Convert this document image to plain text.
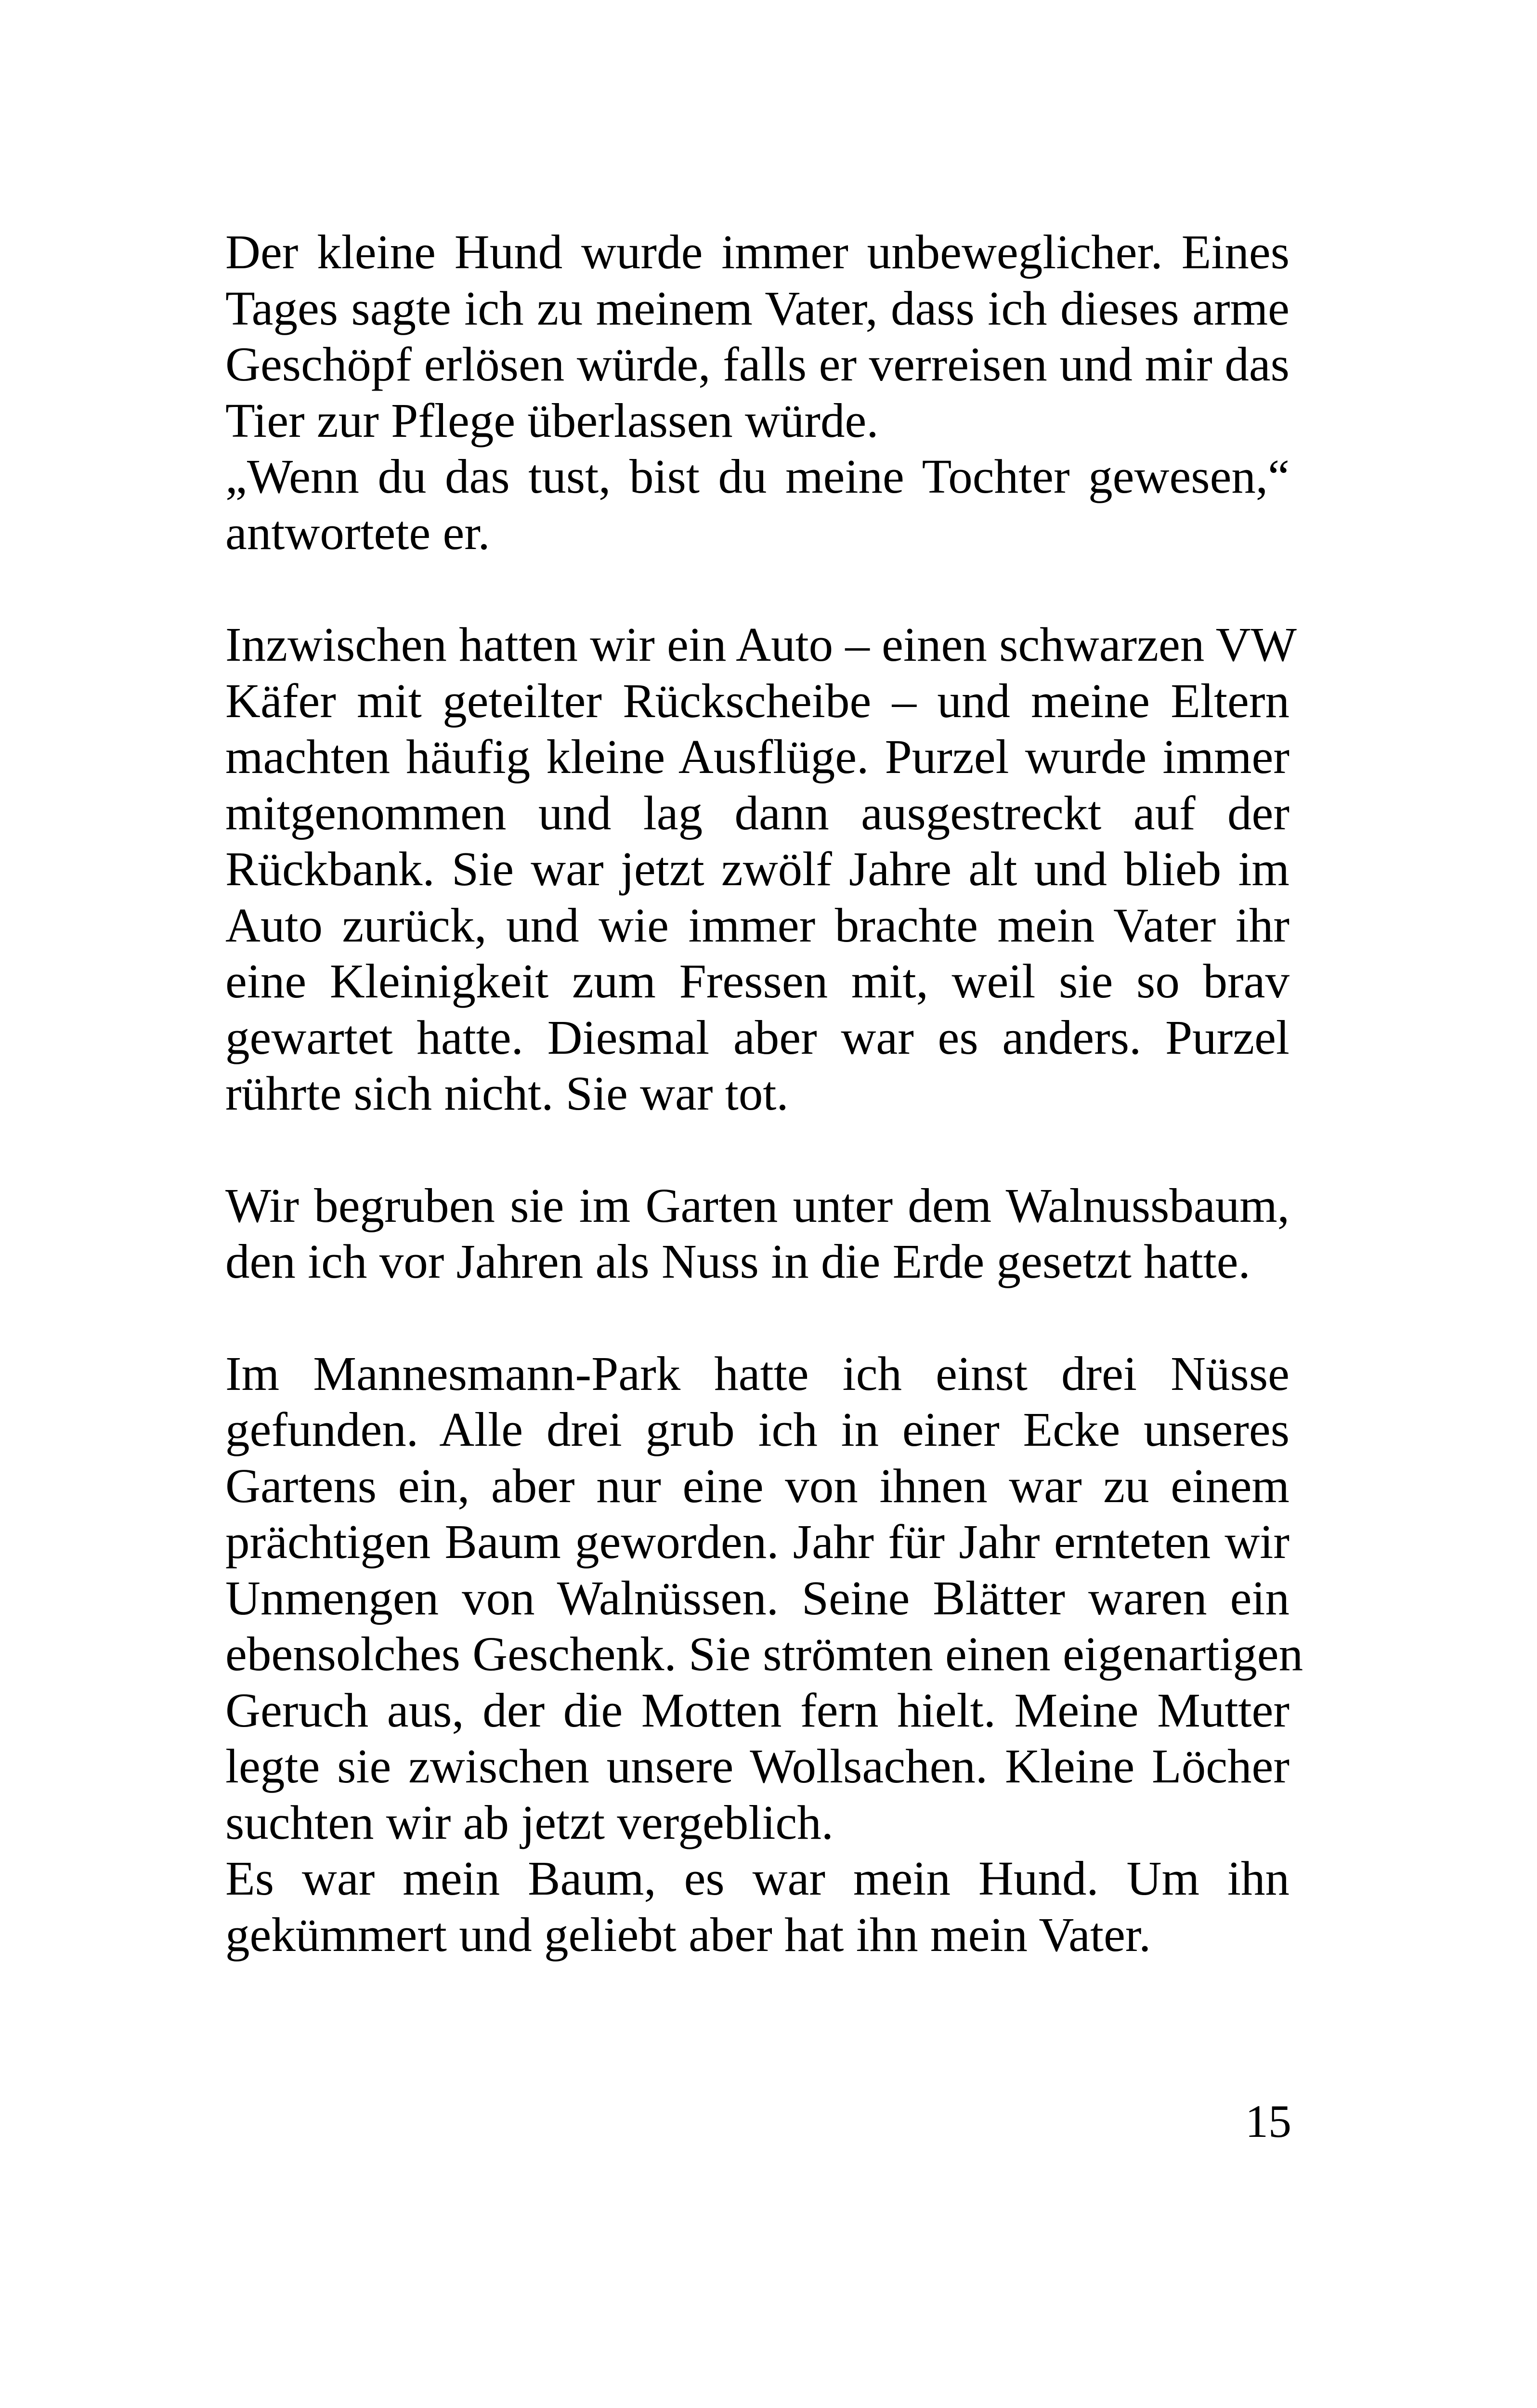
Der kleine Hund wurde immer unbeweglicher. Eines
Tages sagte ich zu meinem Vater, dass ich dieses arme
Geschöpf erlösen würde, falls er verreisen und mir das
Tier zur Pflege überlassen würde.

„Wenn du das tust, bist du meine Tochter gewesen,“
antwortete er.

Inzwischen hatten wir ein Auto – einen schwarzen VW
Käfer mit geteilter Rückscheibe – und meine Eltern
machten häufig kleine Ausflüge. Purzel wurde immer
mitgenommen und lag dann ausgestreckt auf der
Rückbank. Sie war jetzt zwölf Jahre alt und blieb im
Auto zurück, und wie immer brachte mein Vater ihr
eine Kleinigkeit zum Fressen mit, weil sie so brav
gewartet hatte. Diesmal aber war es anders. Purzel
rührte sich nicht. Sie war tot.

Wir begruben sie im Garten unter dem Walnussbaum,
den ich vor Jahren als Nuss in die Erde gesetzt hatte.

Im Mannesmann-Park hatte ich einst drei Nüsse
gefunden. Alle drei grub ich in einer Ecke unseres
Gartens ein, aber nur eine von ihnen war zu einem
prächtigen Baum geworden. Jahr für Jahr ernteten wir
Unmengen von Walnüssen. Seine Blätter waren ein
ebensolches Geschenk. Sie strömten einen eigenartigen
Geruch aus, der die Motten fern hielt. Meine Mutter
legte sie zwischen unsere Wollsachen. Kleine Löcher
suchten wir ab jetzt vergeblich.

Es war mein Baum, es war mein Hund. Um ihn
gekümmert und geliebt aber hat ihn mein Vater.

15
